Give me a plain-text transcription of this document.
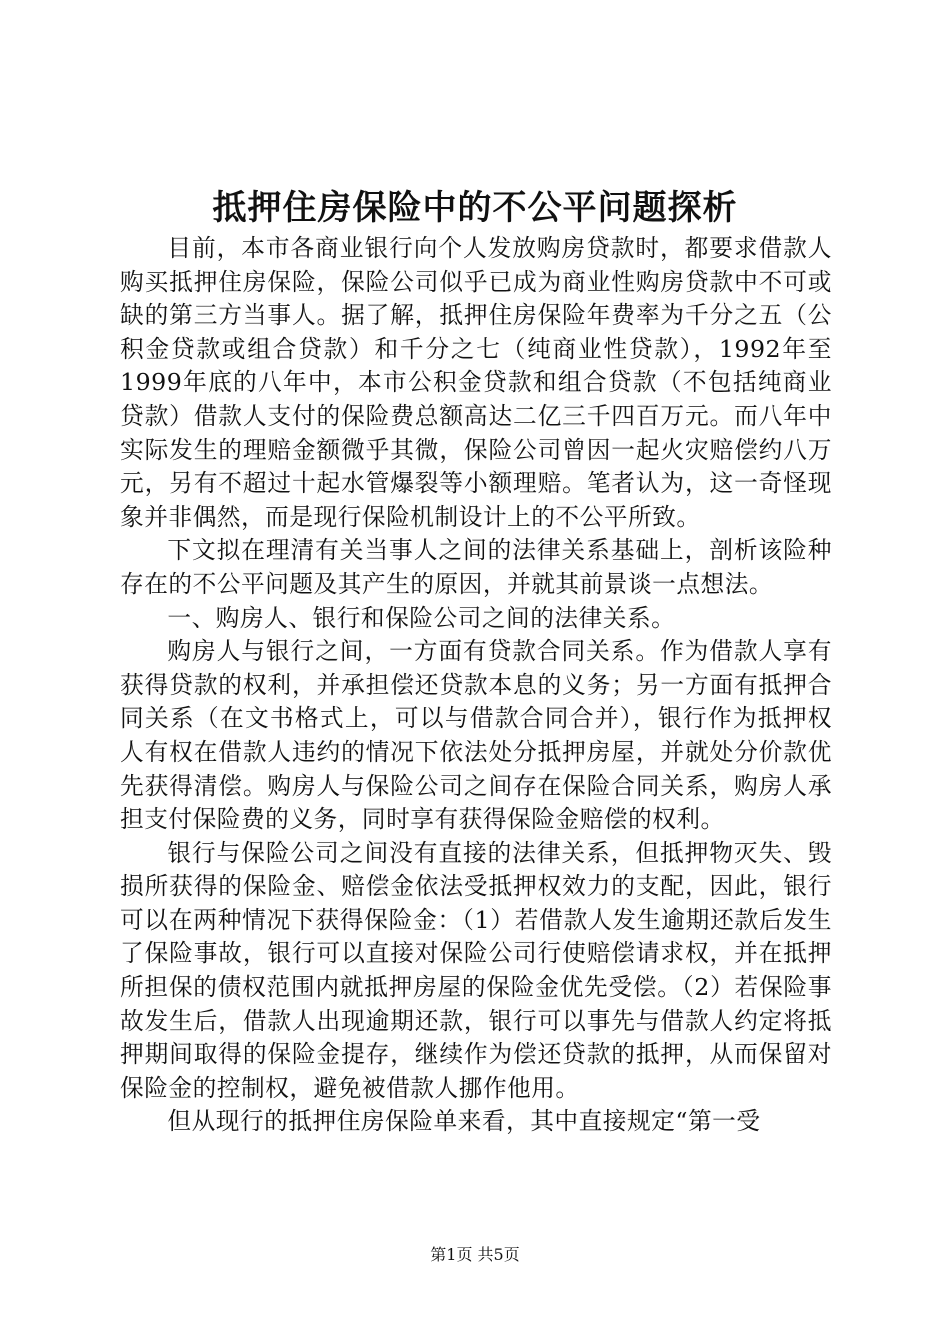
抵押住房保险中的不公平问题探析

目前，本市各商业银行向个人发放购房贷款时，都要求借款人购买抵押住房保险，保险公司似乎已成为商业性购房贷款中不可或缺的第三方当事人。据了解，抵押住房保险年费率为千分之五（公积金贷款或组合贷款）和千分之七（纯商业性贷款），1992年至1999年底的八年中，本市公积金贷款和组合贷款（不包括纯商业贷款）借款人支付的保险费总额高达二亿三千四百万元。而八年中实际发生的理赔金额微乎其微，保险公司曾因一起火灾赔偿约八万元，另有不超过十起水管爆裂等小额理赔。笔者认为，这一奇怪现象并非偶然，而是现行保险机制设计上的不公平所致。

下文拟在理清有关当事人之间的法律关系基础上，剖析该险种存在的不公平问题及其产生的原因，并就其前景谈一点想法。

一、购房人、银行和保险公司之间的法律关系。

购房人与银行之间，一方面有贷款合同关系。作为借款人享有获得贷款的权利，并承担偿还贷款本息的义务；另一方面有抵押合同关系（在文书格式上，可以与借款合同合并），银行作为抵押权人有权在借款人违约的情况下依法处分抵押房屋，并就处分价款优先获得清偿。购房人与保险公司之间存在保险合同关系，购房人承担支付保险费的义务，同时享有获得保险金赔偿的权利。

银行与保险公司之间没有直接的法律关系，但抵押物灭失、毁损所获得的保险金、赔偿金依法受抵押权效力的支配，因此，银行可以在两种情况下获得保险金：（1）若借款人发生逾期还款后发生了保险事故，银行可以直接对保险公司行使赔偿请求权，并在抵押所担保的债权范围内就抵押房屋的保险金优先受偿。（2）若保险事故发生后，借款人出现逾期还款，银行可以事先与借款人约定将抵押期间取得的保险金提存，继续作为偿还贷款的抵押，从而保留对保险金的控制权，避免被借款人挪作他用。

但从现行的抵押住房保险单来看，其中直接规定“第一受

第1页 共5页
